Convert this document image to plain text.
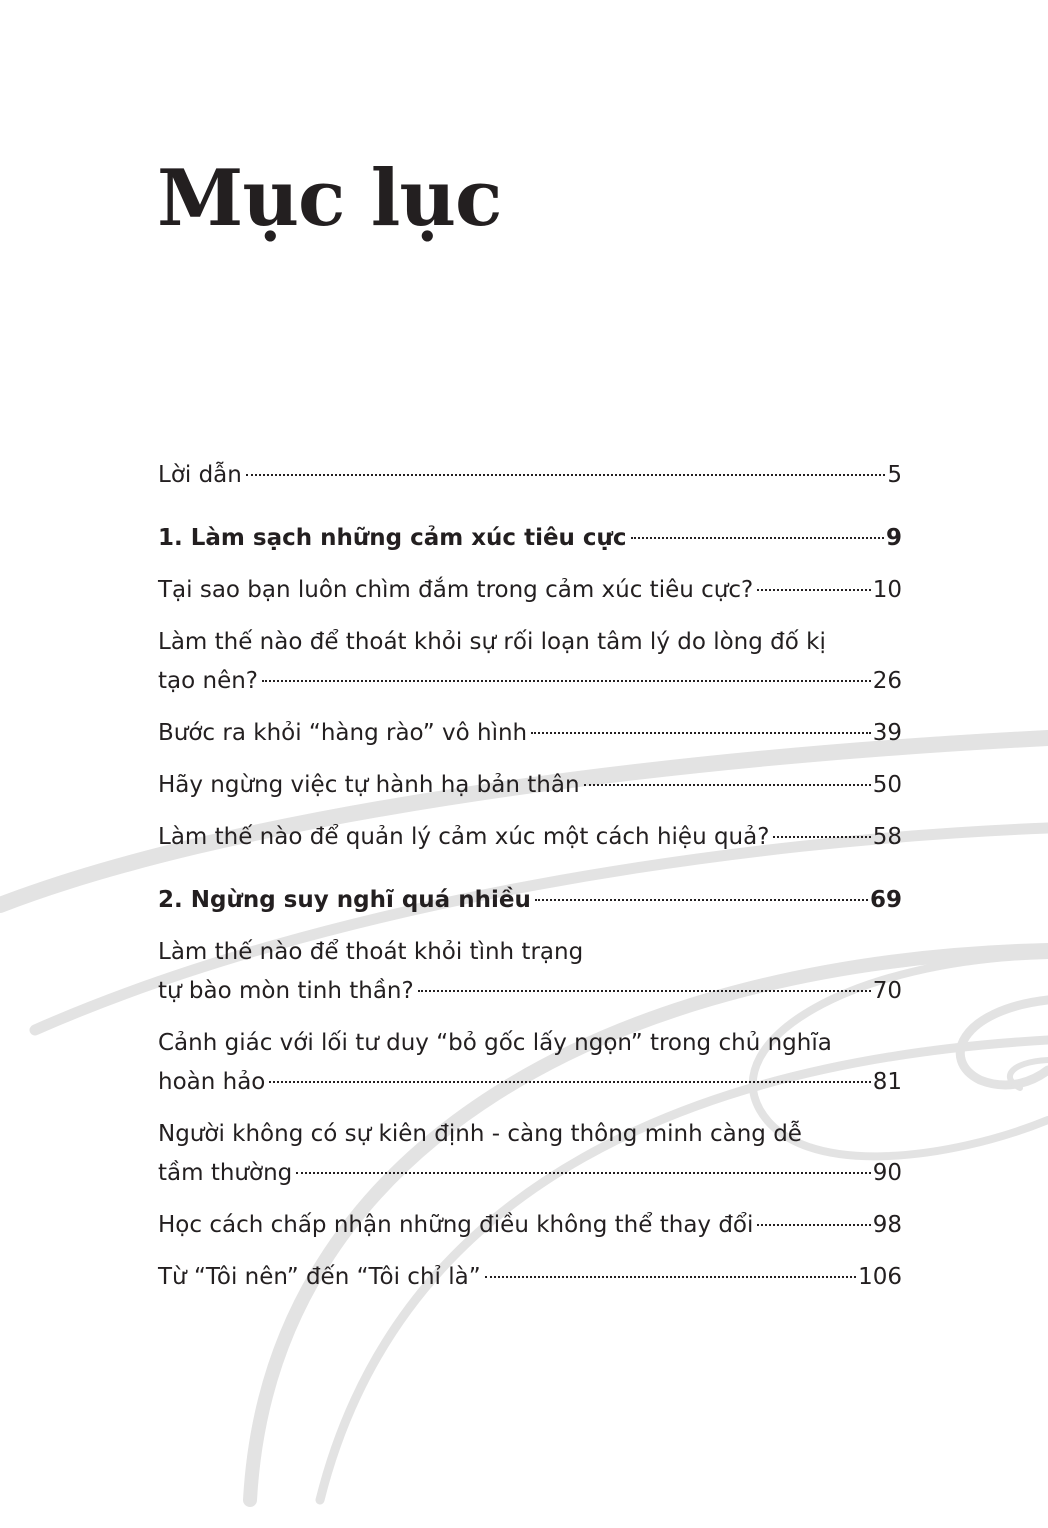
Mục lục
Lời dẫn	5
1. Làm sạch những cảm xúc tiêu cực	9
Tại sao bạn luôn chìm đắm trong cảm xúc tiêu cực?	10
Làm thế nào để thoát khỏi sự rối loạn tâm lý do lòng đố kị
tạo nên?	26
Bước ra khỏi “hàng rào” vô hình	39
Hãy ngừng việc tự hành hạ bản thân	50
Làm thế nào để quản lý cảm xúc một cách hiệu quả?	58
2. Ngừng suy nghĩ quá nhiều	69
Làm thế nào để thoát khỏi tình trạng
tự bào mòn tinh thần?	70
Cảnh giác với lối tư duy “bỏ gốc lấy ngọn” trong chủ nghĩa
hoàn hảo	81
Người không có sự kiên định - càng thông minh càng dễ
tầm thường	90
Học cách chấp nhận những điều không thể thay đổi	98
Từ “Tôi nên” đến “Tôi chỉ là”	106
